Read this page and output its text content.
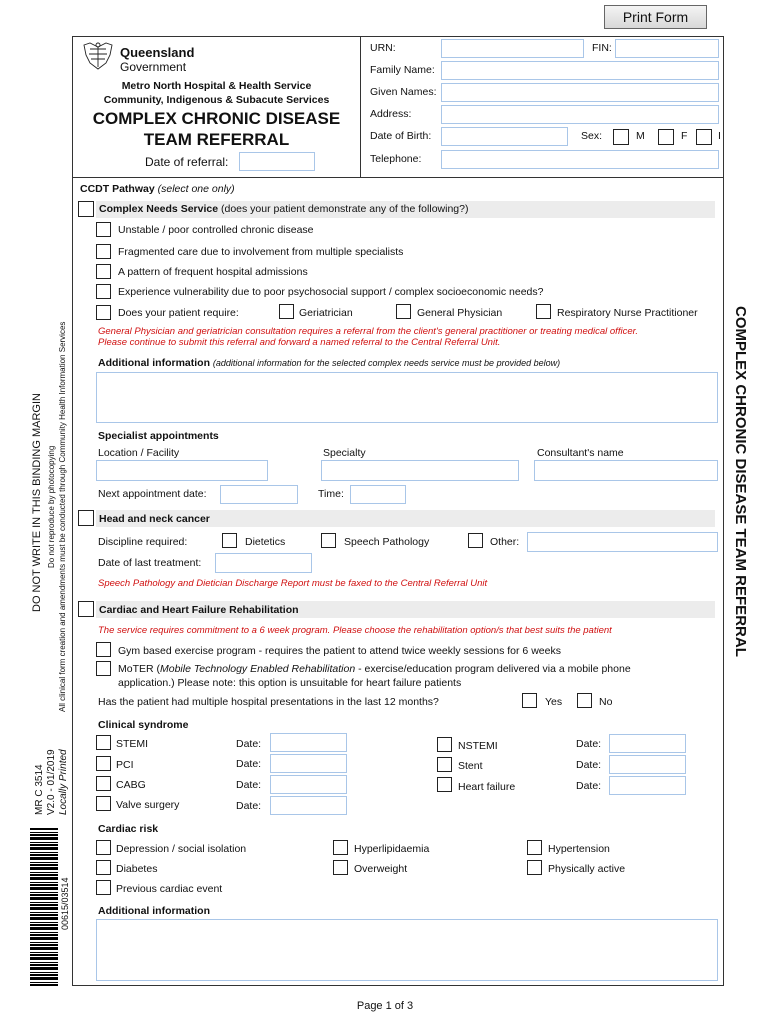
Print Form
Queensland
Government
Metro North Hospital & Health Service
Community, Indigenous & Subacute Services
COMPLEX CHRONIC DISEASE
TEAM REFERRAL
Date of referral:
URN:	FIN:
Family Name:
Given Names:
Address:
Date of Birth:	Sex:	M	F	I
Telephone:
CCDT Pathway (select one only)
Complex Needs Service (does your patient demonstrate any of the following?)
Unstable / poor controlled chronic disease
Fragmented care due to involvement from multiple specialists
A pattern of frequent hospital admissions
Experience vulnerability due to poor psychosocial support / complex socioeconomic needs?
Does your patient require:	Geriatrician	General Physician	Respiratory Nurse Practitioner
General Physician and geriatrician consultation requires a referral from the client's general practitioner or treating medical officer.
Please continue to submit this referral and forward a named referral to the Central Referral Unit.
Additional information (additional information for the selected complex needs service must be provided below)
Specialist appointments
Location / Facility	Specialty	Consultant's name
Next appointment date:	Time:
Head and neck cancer
Discipline required:	Dietetics	Speech Pathology	Other:
Date of last treatment:
Speech Pathology and Dietician Discharge Report must be faxed to the Central Referral Unit
Cardiac and Heart Failure Rehabilitation
The service requires commitment to a 6 week program. Please choose the rehabilitation option/s that best suits the patient
Gym based exercise program - requires the patient to attend twice weekly sessions for 6 weeks
MoTER (Mobile Technology Enabled Rehabilitation - exercise/education program delivered via a mobile phone
application.) Please note: this option is unsuitable for heart failure patients
Has the patient had multiple hospital presentations in the last 12 months?	Yes	No
Clinical syndrome
STEMI	Date:
PCI	Date:
CABG	Date:
Valve surgery	Date:
NSTEMI	Date:
Stent	Date:
Heart failure	Date:
Cardiac risk
Depression / social isolation
Diabetes
Previous cardiac event
Hyperlipidaemia
Overweight
Hypertension
Physically active
Additional information
COMPLEX CHRONIC DISEASE TEAM REFERRAL
DO NOT WRITE IN THIS BINDING MARGIN Do not reproduce by photocopying All clinical form creation and amendments must be conducted through Community Health Information Services
MR C 3514 V2.0 - 01/2019 Locally Printed
00615/03514
Page 1 of 3
